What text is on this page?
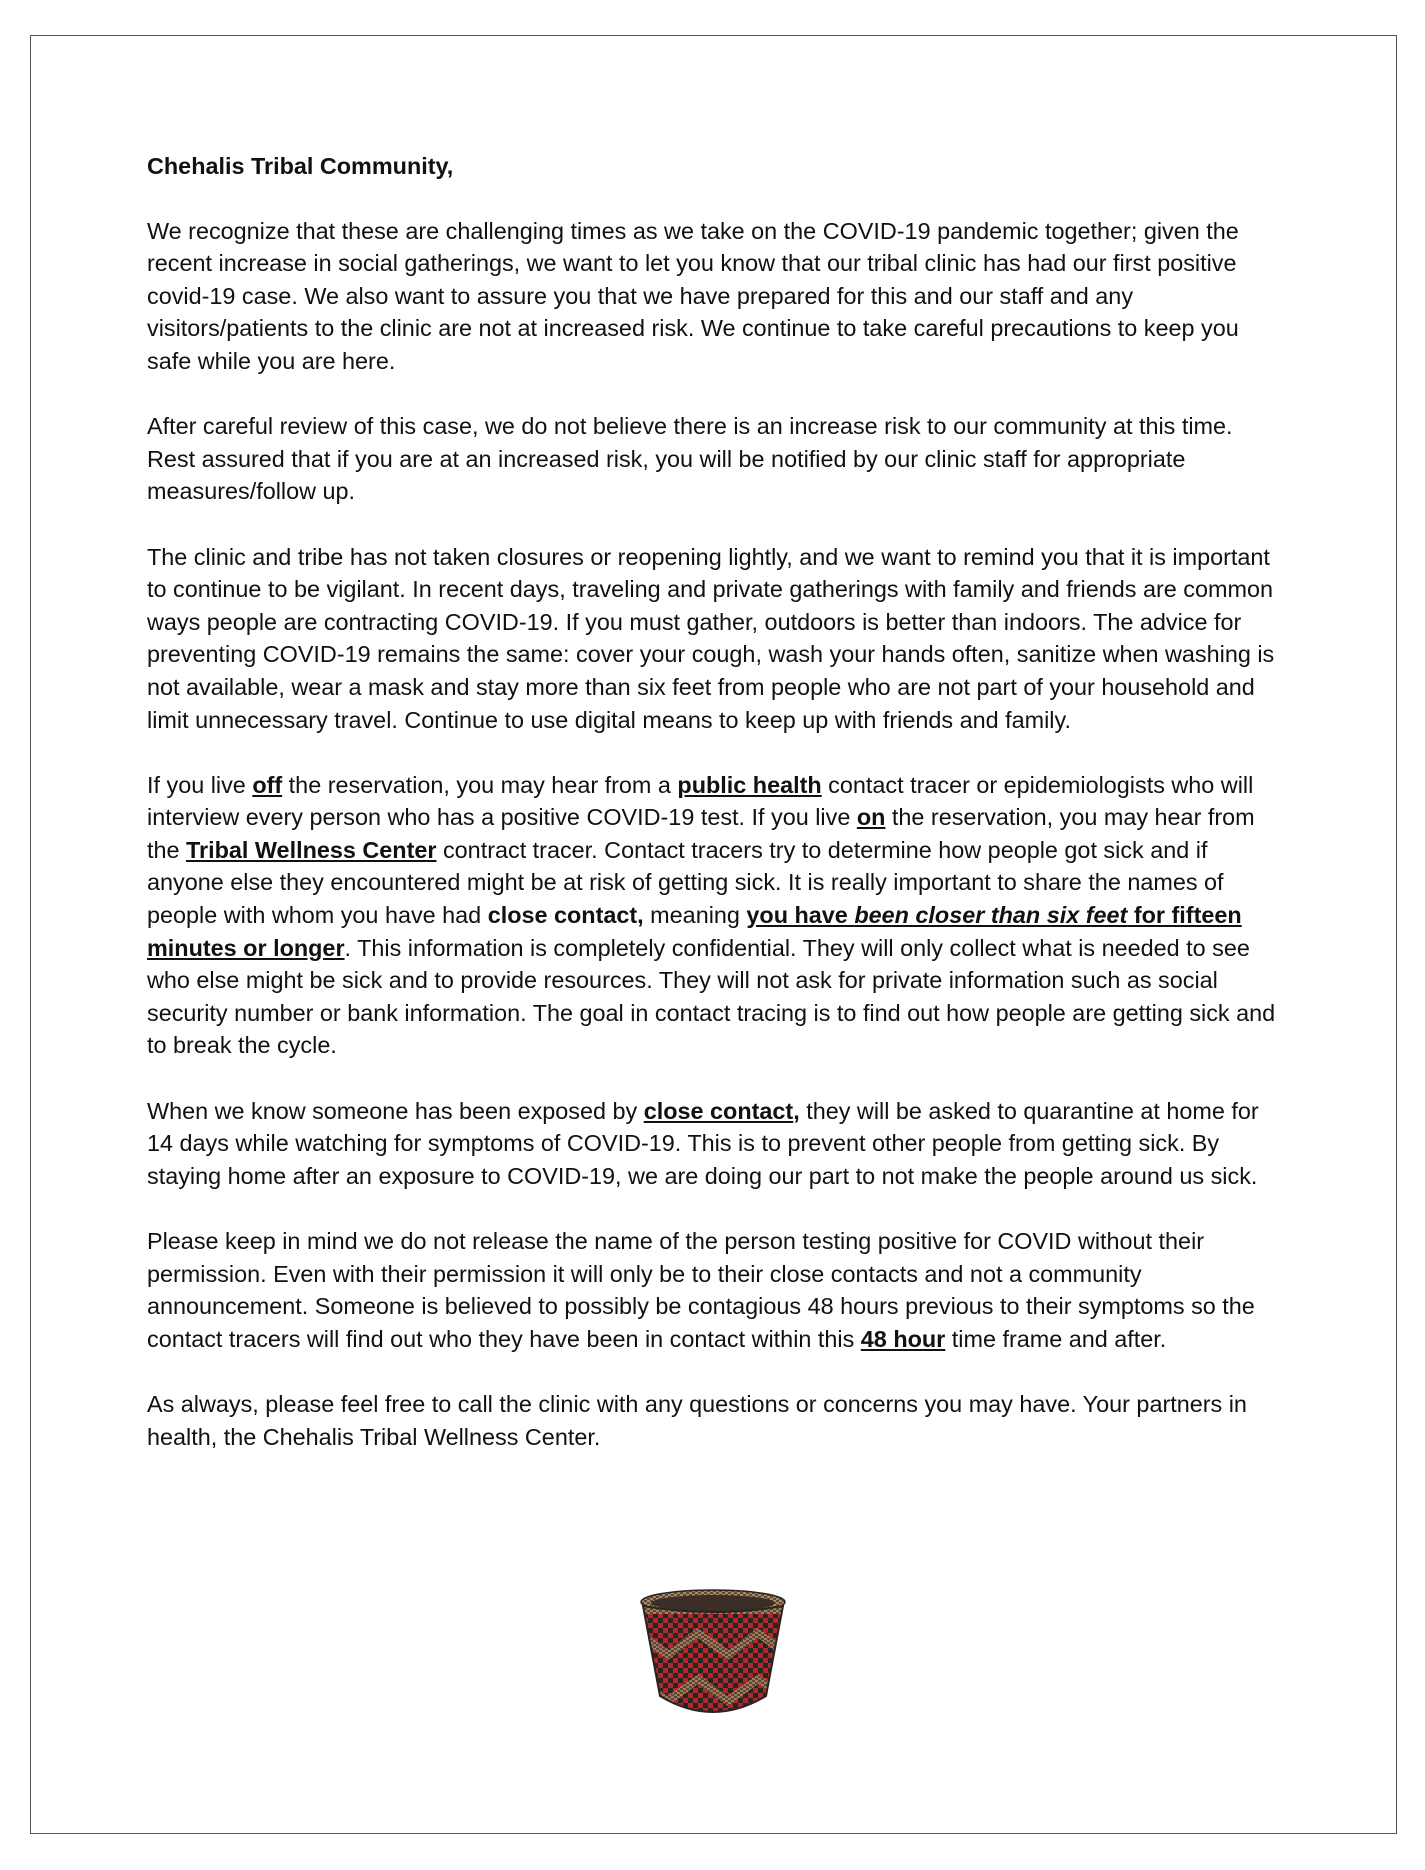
Chehalis Tribal Community,

We recognize that these are challenging times as we take on the COVID-19 pandemic together; given the recent increase in social gatherings, we want to let you know that our tribal clinic has had our first positive covid-19 case. We also want to assure you that we have prepared for this and our staff and any visitors/patients to the clinic are not at increased risk. We continue to take careful precautions to keep you safe while you are here.

After careful review of this case, we do not believe there is an increase risk to our community at this time. Rest assured that if you are at an increased risk, you will be notified by our clinic staff for appropriate measures/follow up.

The clinic and tribe has not taken closures or reopening lightly, and we want to remind you that it is important to continue to be vigilant. In recent days, traveling and private gatherings with family and friends are common ways people are contracting COVID-19. If you must gather, outdoors is better than indoors. The advice for preventing COVID-19 remains the same: cover your cough, wash your hands often, sanitize when washing is not available, wear a mask and stay more than six feet from people who are not part of your household and limit unnecessary travel. Continue to use digital means to keep up with friends and family.

If you live off the reservation, you may hear from a public health contact tracer or epidemiologists who will interview every person who has a positive COVID-19 test. If you live on the reservation, you may hear from the Tribal Wellness Center contract tracer. Contact tracers try to determine how people got sick and if anyone else they encountered might be at risk of getting sick. It is really important to share the names of people with whom you have had close contact, meaning you have been closer than six feet for fifteen minutes or longer. This information is completely confidential. They will only collect what is needed to see who else might be sick and to provide resources. They will not ask for private information such as social security number or bank information. The goal in contact tracing is to find out how people are getting sick and to break the cycle.

When we know someone has been exposed by close contact, they will be asked to quarantine at home for 14 days while watching for symptoms of COVID-19. This is to prevent other people from getting sick. By staying home after an exposure to COVID-19, we are doing our part to not make the people around us sick.

Please keep in mind we do not release the name of the person testing positive for COVID without their permission. Even with their permission it will only be to their close contacts and not a community announcement. Someone is believed to possibly be contagious 48 hours previous to their symptoms so the contact tracers will find out who they have been in contact within this 48 hour time frame and after.

As always, please feel free to call the clinic with any questions or concerns you may have. Your partners in health, the Chehalis Tribal Wellness Center.
